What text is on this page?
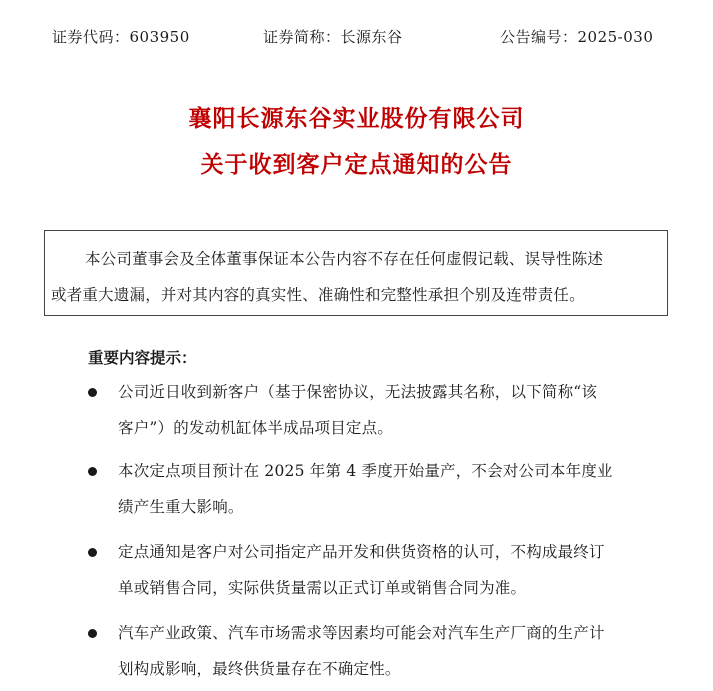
证券代码：603950	证券简称：长源东谷	公告编号：2025-030
襄阳长源东谷实业股份有限公司
关于收到客户定点通知的公告
本公司董事会及全体董事保证本公告内容不存在任何虚假记载、误导性陈述
或者重大遗漏，并对其内容的真实性、准确性和完整性承担个别及连带责任。
重要内容提示：
公司近日收到新客户（基于保密协议，无法披露其名称，以下简称“该
客户”）的发动机缸体半成品项目定点。
本次定点项目预计在 2025 年第 4 季度开始量产，不会对公司本年度业
绩产生重大影响。
定点通知是客户对公司指定产品开发和供货资格的认可，不构成最终订
单或销售合同，实际供货量需以正式订单或销售合同为准。
汽车产业政策、汽车市场需求等因素均可能会对汽车生产厂商的生产计
划构成影响，最终供货量存在不确定性。
